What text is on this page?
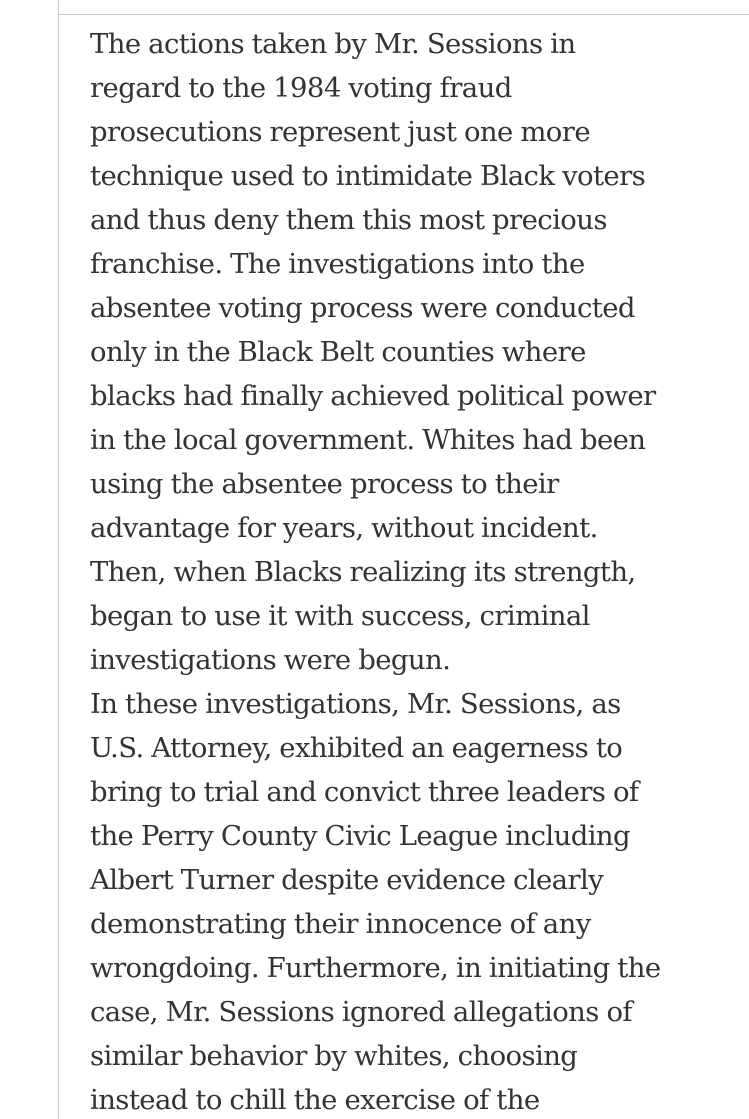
The actions taken by Mr. Sessions in
regard to the 1984 voting fraud
prosecutions represent just one more
technique used to intimidate Black voters
and thus deny them this most precious
franchise. The investigations into the
absentee voting process were conducted
only in the Black Belt counties where
blacks had finally achieved political power
in the local government. Whites had been
using the absentee process to their
advantage for years, without incident.
Then, when Blacks realizing its strength,
began to use it with success, criminal
investigations were begun.
In these investigations, Mr. Sessions, as
U.S. Attorney, exhibited an eagerness to
bring to trial and convict three leaders of
the Perry County Civic League including
Albert Turner despite evidence clearly
demonstrating their innocence of any
wrongdoing. Furthermore, in initiating the
case, Mr. Sessions ignored allegations of
similar behavior by whites, choosing
instead to chill the exercise of the
